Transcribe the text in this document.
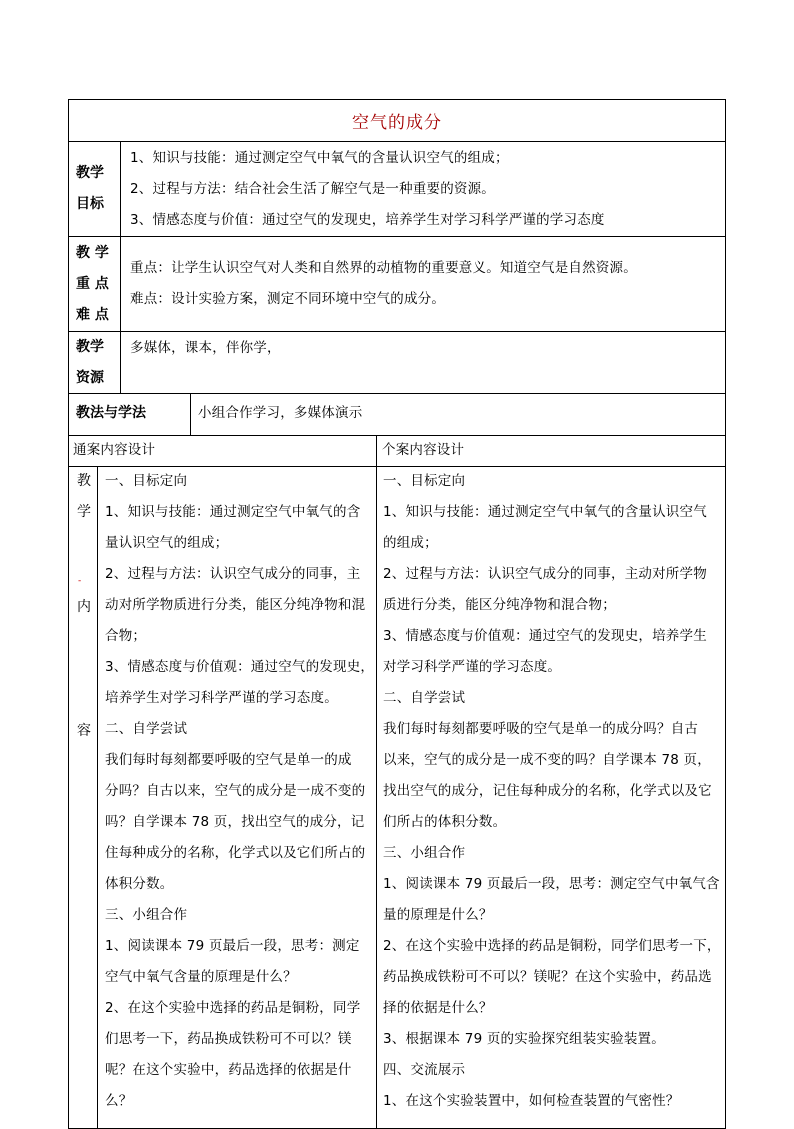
空气的成分
教学
目标
1、知识与技能：通过测定空气中氧气的含量认识空气的组成；
2、过程与方法：结合社会生活了解空气是一种重要的资源。
3、情感态度与价值：通过空气的发现史，培养学生对学习科学严谨的学习态度
教 学
重 点
难 点
重点：让学生认识空气对人类和自然界的动植物的重要意义。知道空气是自然资源。
难点：设计实验方案，测定不同环境中空气的成分。
教学
资源
多媒体，课本，伴你学，
教法与学法	小组合作学习，多媒体演示
通案内容设计	个案内容设计
教
学
-
内
容
一、目标定向
1、知识与技能：通过测定空气中氧气的含
量认识空气的组成；
2、过程与方法：认识空气成分的同事，主
动对所学物质进行分类，能区分纯净物和混
合物；
3、情感态度与价值观：通过空气的发现史，
培养学生对学习科学严谨的学习态度。
二、自学尝试
我们每时每刻都要呼吸的空气是单一的成
分吗？自古以来，空气的成分是一成不变的
吗？自学课本 78 页，找出空气的成分，记
住每种成分的名称，化学式以及它们所占的
体积分数。
三、小组合作
1、阅读课本 79 页最后一段，思考：测定
空气中氧气含量的原理是什么？
2、在这个实验中选择的药品是铜粉，同学
们思考一下，药品换成铁粉可不可以？镁
呢？在这个实验中，药品选择的依据是什
么？
一、目标定向
1、知识与技能：通过测定空气中氧气的含量认识空气
的组成；
2、过程与方法：认识空气成分的同事，主动对所学物
质进行分类，能区分纯净物和混合物；
3、情感态度与价值观：通过空气的发现史，培养学生
对学习科学严谨的学习态度。
二、自学尝试
我们每时每刻都要呼吸的空气是单一的成分吗？自古
以来，空气的成分是一成不变的吗？自学课本 78 页，
找出空气的成分，记住每种成分的名称，化学式以及它
们所占的体积分数。
三、小组合作
1、阅读课本 79 页最后一段，思考：测定空气中氧气含
量的原理是什么？
2、在这个实验中选择的药品是铜粉，同学们思考一下，
药品换成铁粉可不可以？镁呢？在这个实验中，药品选
择的依据是什么？
3、根据课本 79 页的实验探究组装实验装置。
四、交流展示
1、在这个实验装置中，如何检查装置的气密性？
